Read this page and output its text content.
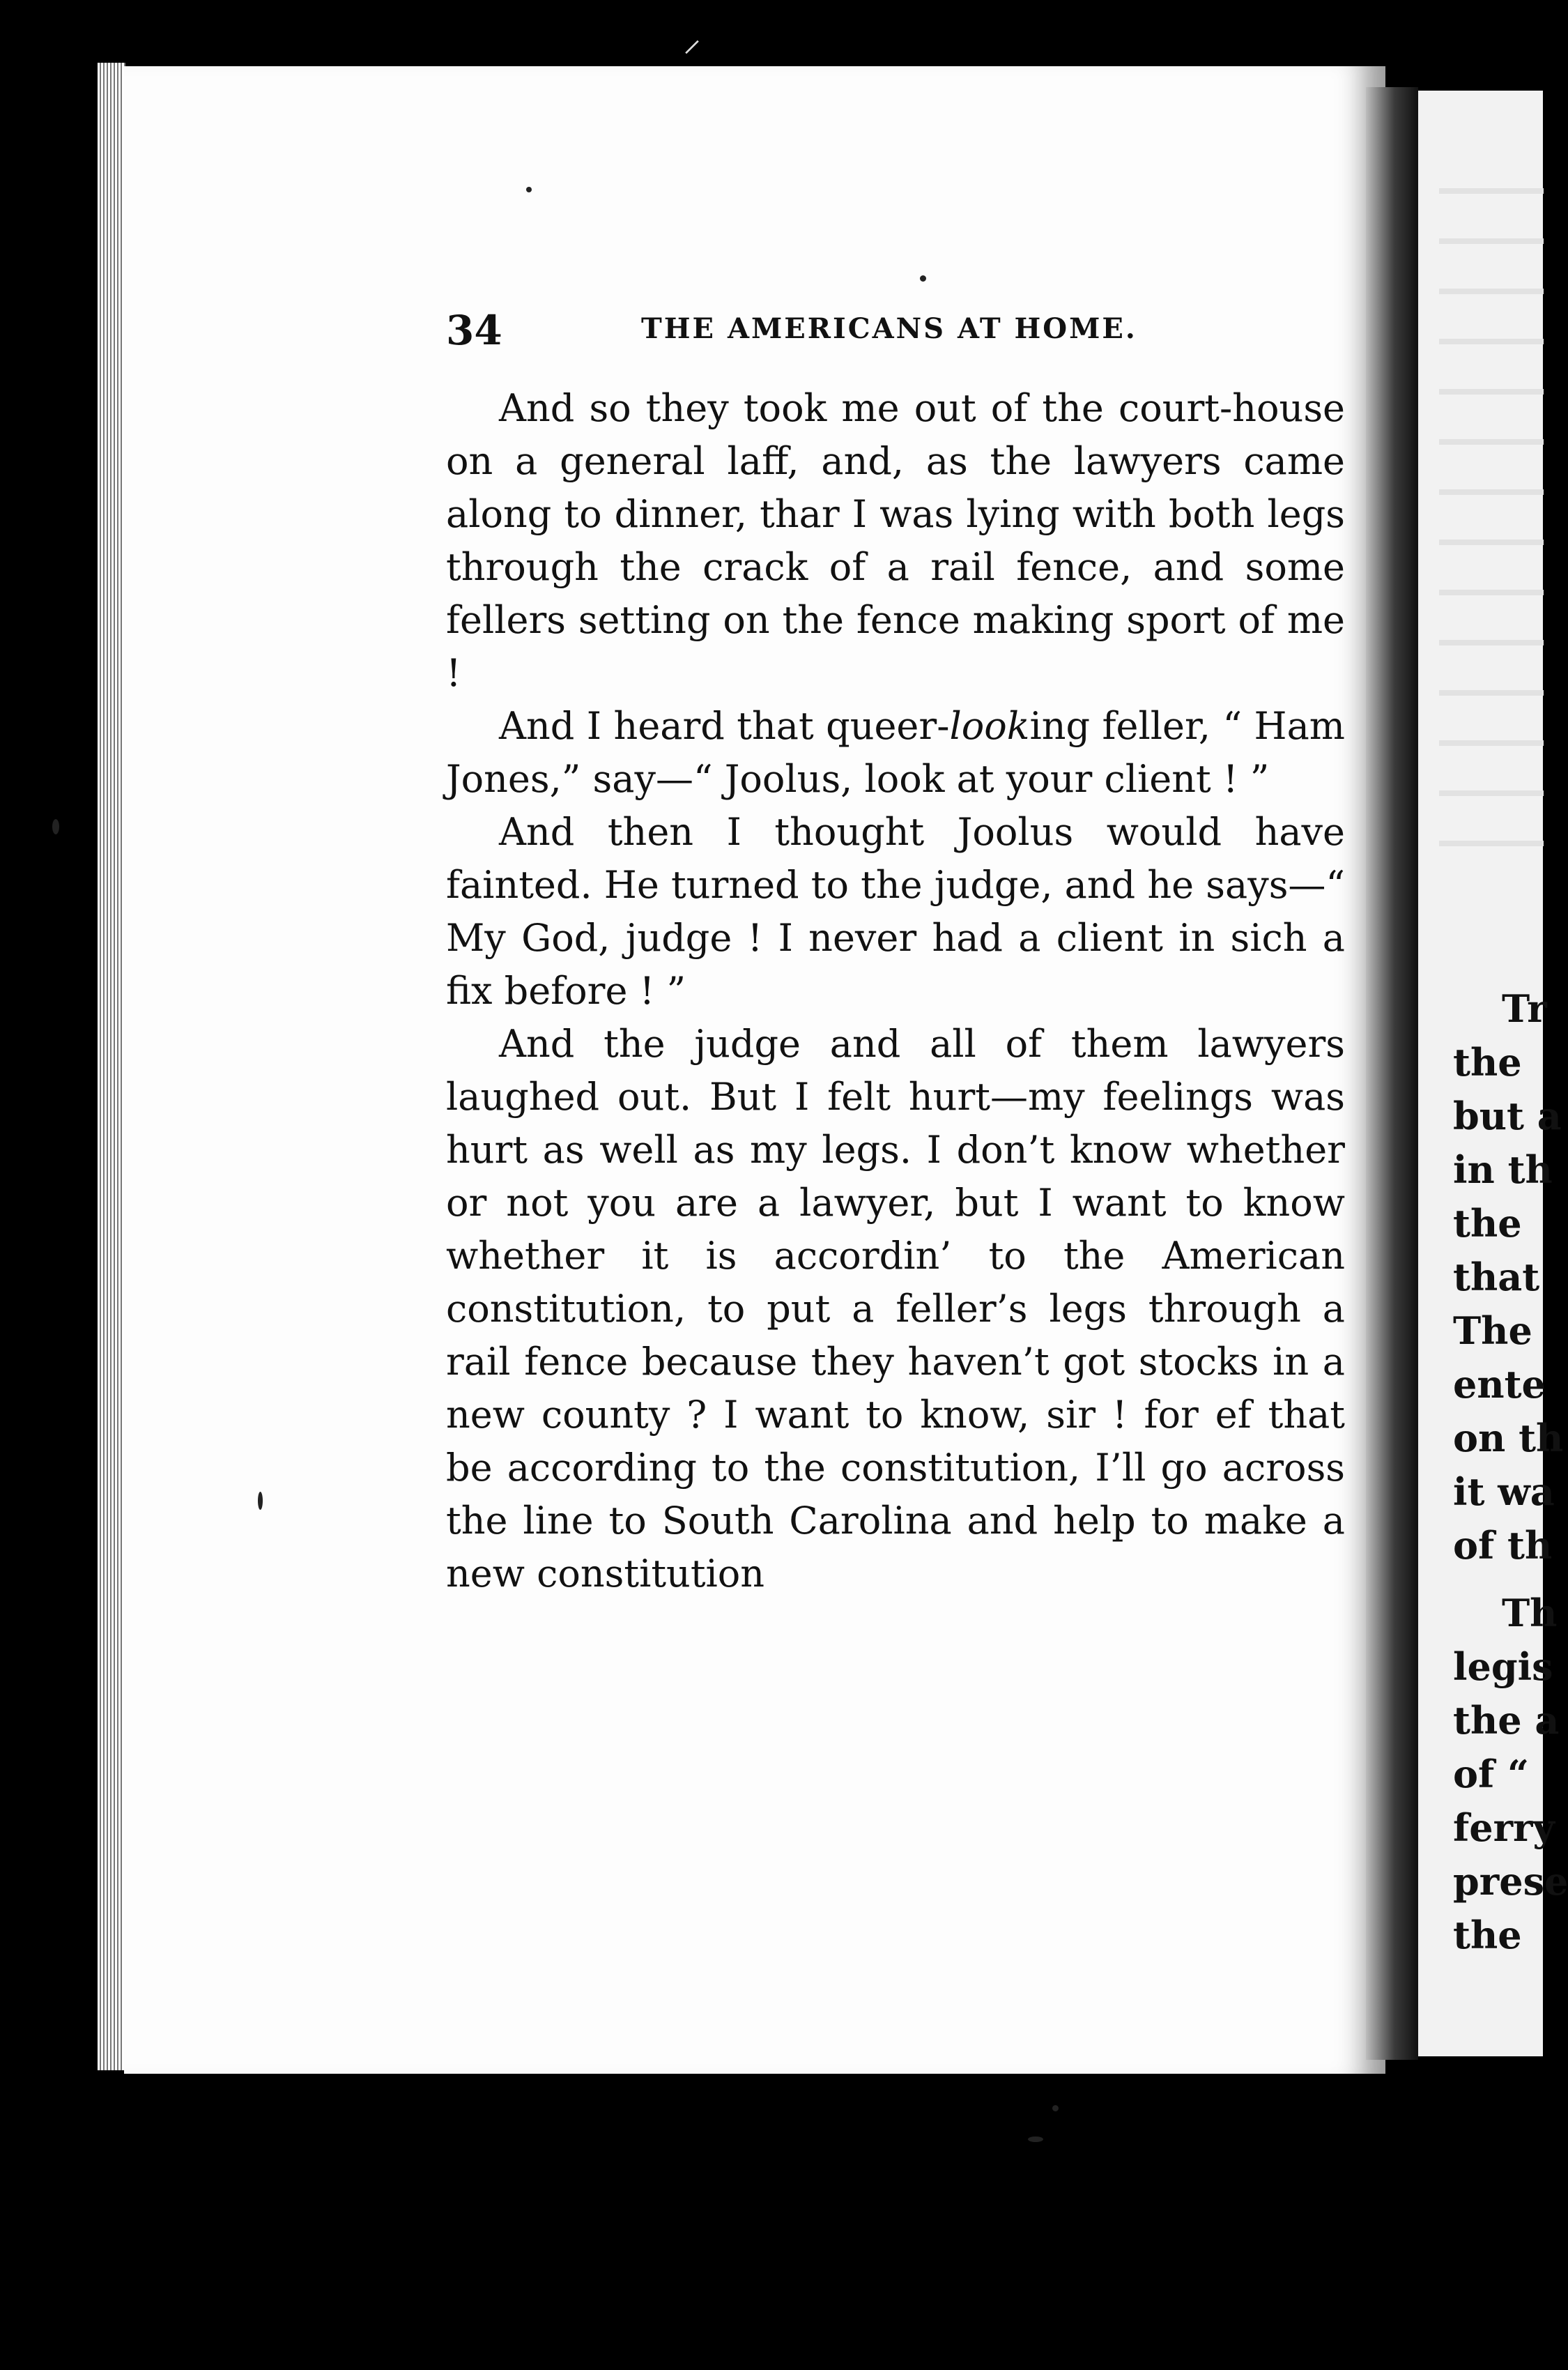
⸝
Tr
the
but a
in th
the
that
The
ente
on th
it wa
of th
Th
legis
the a
of “
ferry
prese
the
34	THE AMERICANS AT HOME.

And so they took me out of the court-house on a general laff, and, as the lawyers came along to dinner, thar I was lying with both legs through the crack of a rail fence, and some fellers setting on the fence making sport of me !

And I heard that queer-looking feller, “ Ham Jones,” say—“ Joolus, look at your client ! ”

And then I thought Joolus would have fainted. He turned to the judge, and he says—“ My God, judge ! I never had a client in sich a fix before ! ”

And the judge and all of them lawyers laughed out. But I felt hurt—my feelings was hurt as well as my legs. I don’t know whether or not you are a lawyer, but I want to know whether it is accordin’ to the American constitution, to put a feller’s legs through a rail fence because they haven’t got stocks in a new county ? I want to know, sir ! for ef that be according to the constitution, I’ll go across the line to South Carolina and help to make a new constitution
